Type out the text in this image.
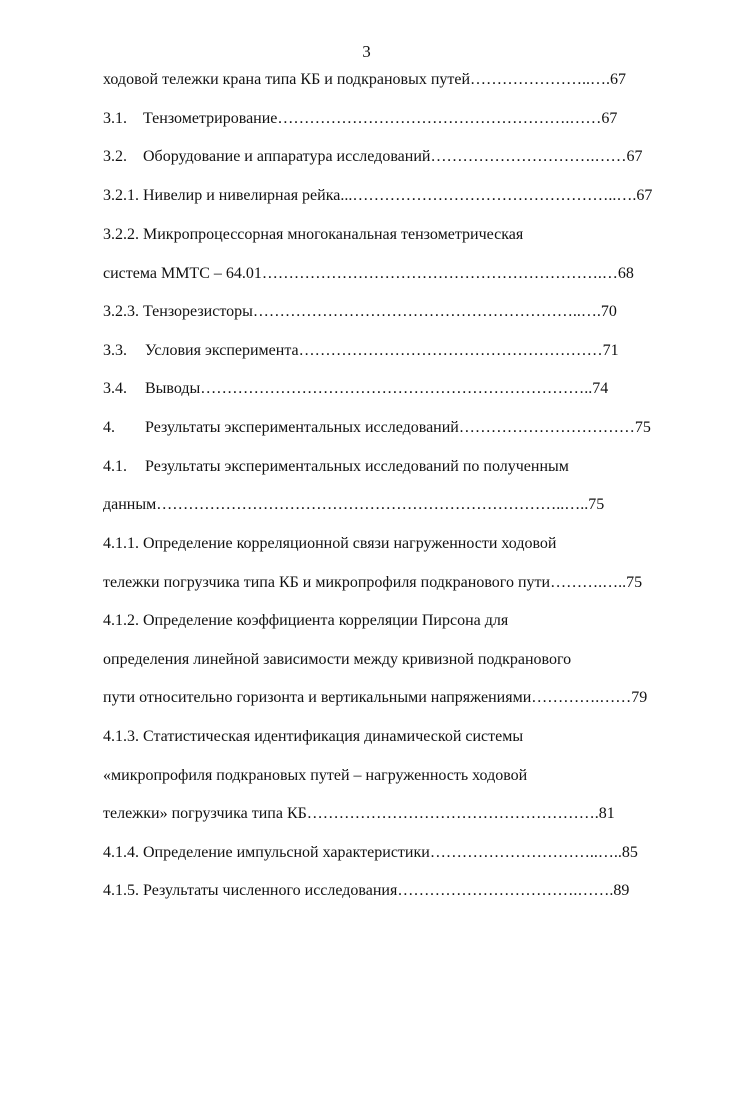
3
ходовой тележки крана типа КБ и подкрановых путей…………………..….67
3.1. Тензометрирование……………………………………………….……67
3.2. Оборудование и аппаратура исследований………………………….……67
3.2.1. Нивелир и нивелирная рейка...…………………………………………..….67
3.2.2. Микропроцессорная многоканальная тензометрическая
система ММТС – 64.01……………………………………………………….…68
3.2.3. Тензорезисторы……………………………………………………..….70
3.3. Условия эксперимента…………………………………………………71
3.4. Выводы………………………………………………………………..74
4. Результаты экспериментальных исследований……………………………75
4.1. Результаты экспериментальных исследований по полученным
данным…………………………………………………………………..…..75
4.1.1. Определение корреляционной связи нагруженности ходовой
тележки погрузчика типа КБ и микропрофиля подкранового пути……….…..75
4.1.2. Определение коэффициента корреляции Пирсона для
определения линейной зависимости между кривизной подкранового
пути относительно горизонта и вертикальными напряжениями………….……79
4.1.3. Статистическая идентификация динамической системы
«микропрофиля подкрановых путей – нагруженность ходовой
тележки» погрузчика типа КБ……………………………………………….81
4.1.4. Определение импульсной характеристики…………………………..…..85
4.1.5. Результаты численного исследования…………………………….…….89
